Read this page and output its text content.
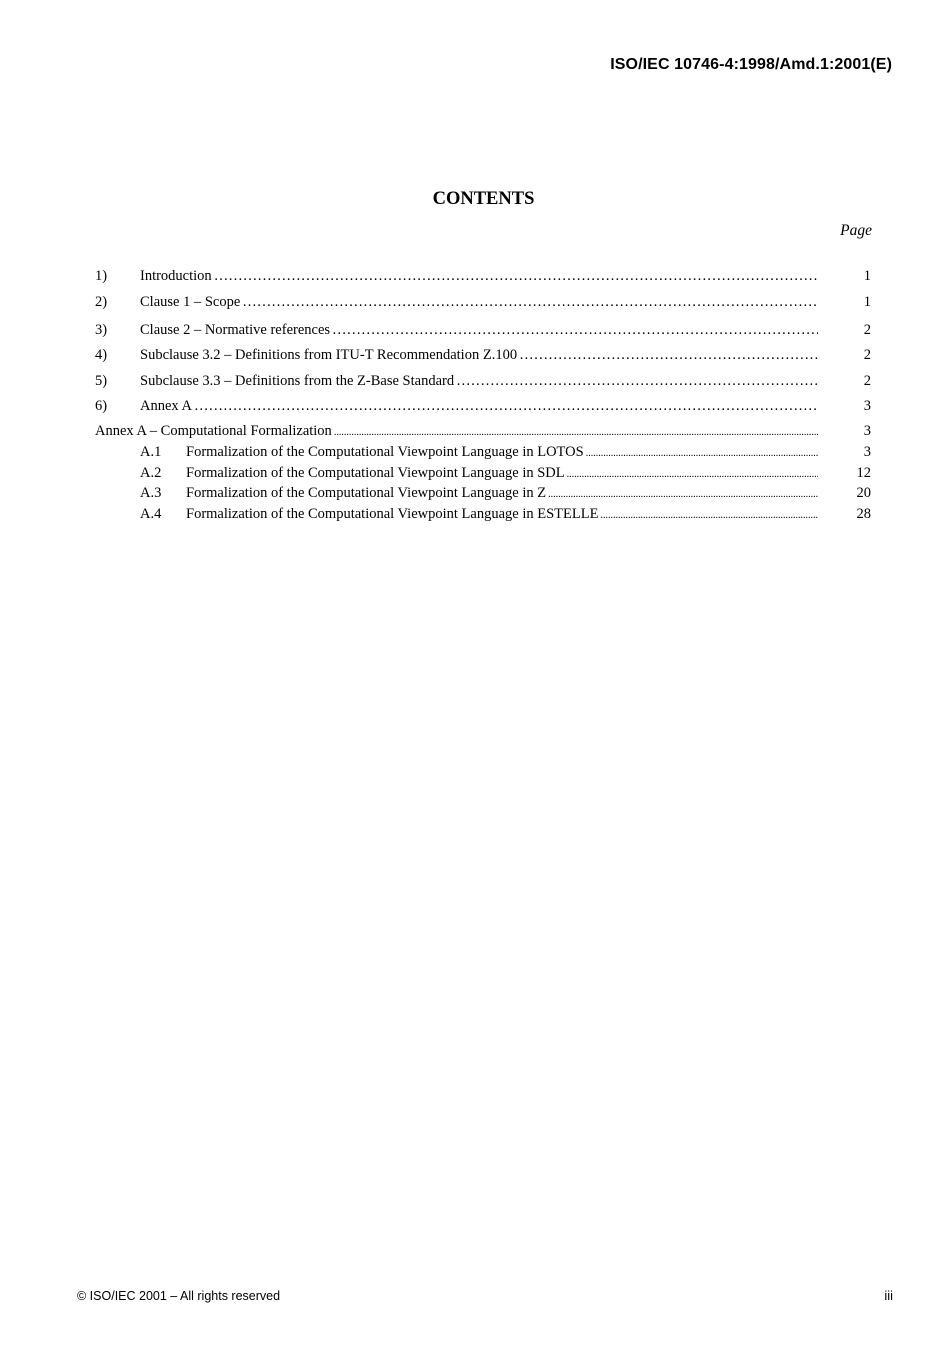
ISO/IEC 10746-4:1998/Amd.1:2001(E)
CONTENTS
Page
1) Introduction …………………………………………………………………………………………………………………………………………………………………………………………	1
2) Clause 1 – Scope …………………………………………………………………………………………………………………………………………………………………………………………	1
3) Clause 2 – Normative references …………………………………………………………………………………………………………………………………………………………………………………………	2
4) Subclause 3.2 – Definitions from ITU-T Recommendation Z.100 …………………………………………………………………………………………………………………………………………………………………………………………	2
5) Subclause 3.3 – Definitions from the Z-Base Standard …………………………………………………………………………………………………………………………………………………………………………………………	2
6) Annex A …………………………………………………………………………………………………………………………………………………………………………………………	3
Annex A – Computational Formalization .....	3
A.1 Formalization of the Computational Viewpoint Language in LOTOS .....	3
A.2 Formalization of the Computational Viewpoint Language in SDL .....	12
A.3 Formalization of the Computational Viewpoint Language in Z .....	20
A.4 Formalization of the Computational Viewpoint Language in ESTELLE .....	28
© ISO/IEC 2001 – All rights reserved	iii
